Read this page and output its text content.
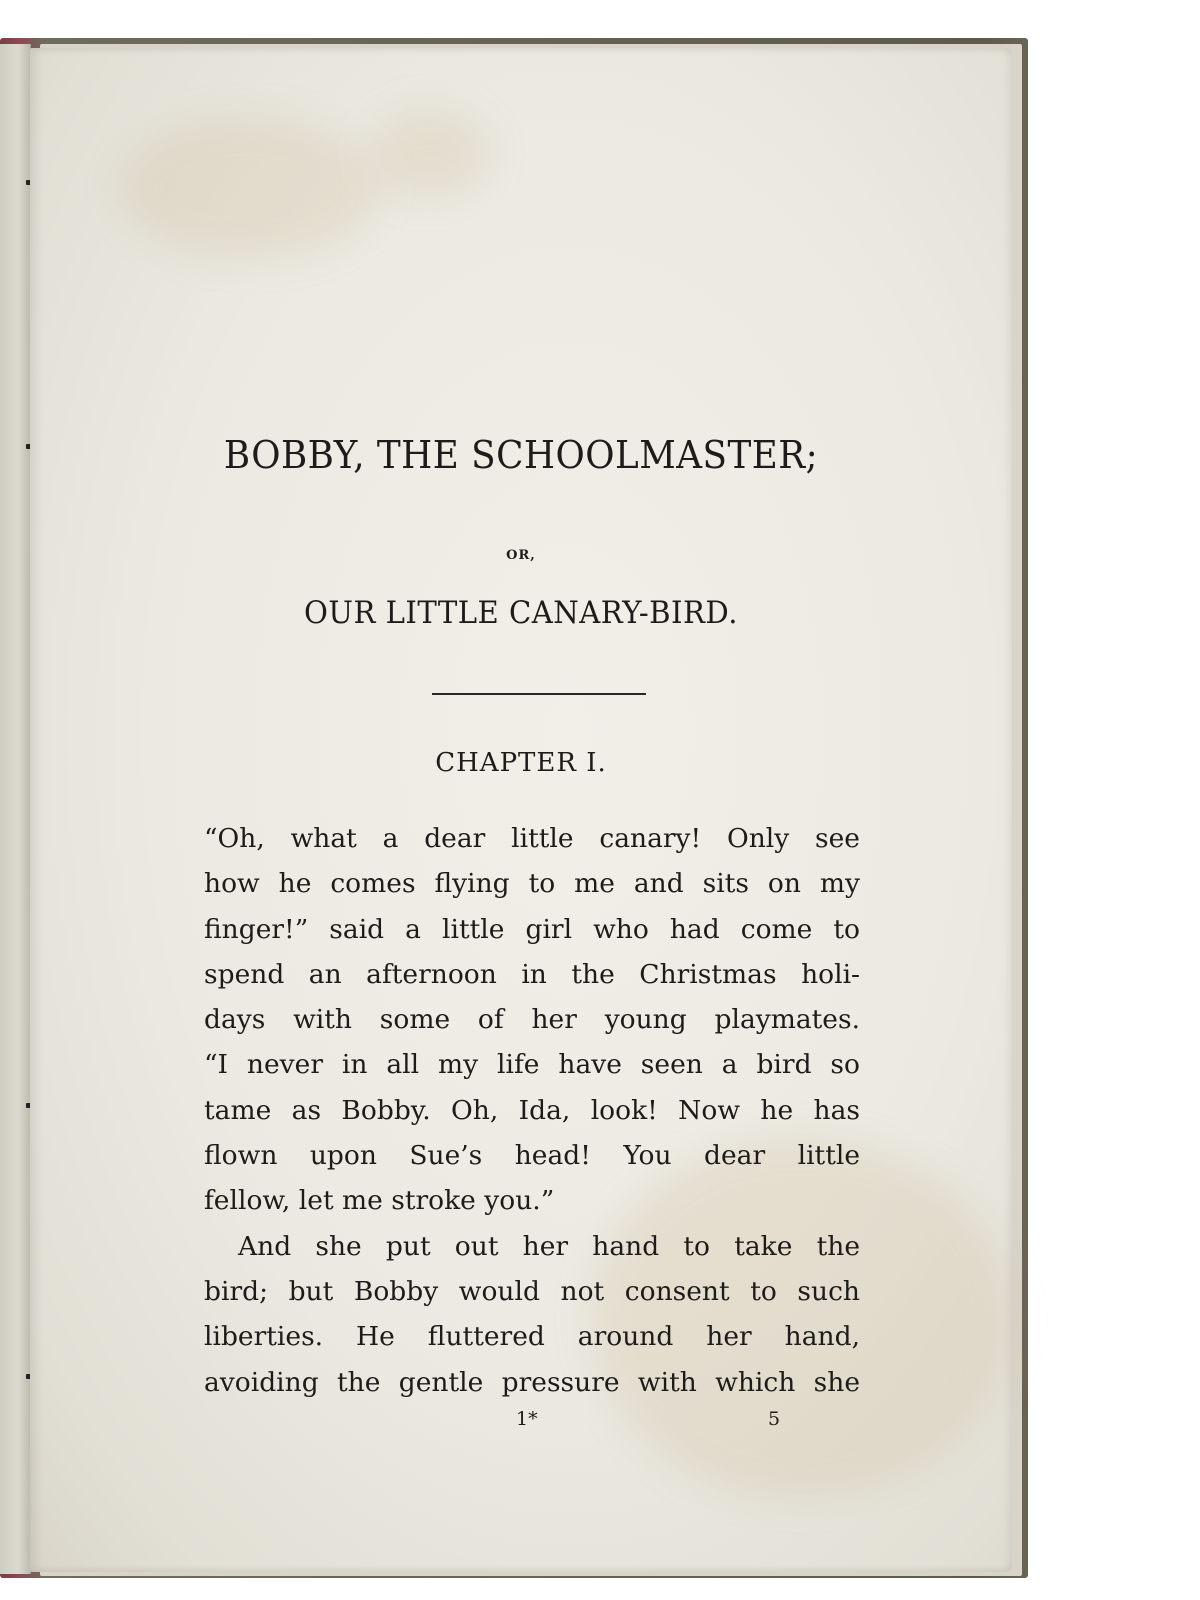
BOBBY, THE SCHOOLMASTER;
OR,
OUR LITTLE CANARY-BIRD.
CHAPTER I.
“Oh, what a dear little canary! Only see
how he comes flying to me and sits on my
finger!” said a little girl who had come to
spend an afternoon in the Christmas holi-
days with some of her young playmates.
“I never in all my life have seen a bird so
tame as Bobby. Oh, Ida, look! Now he has
flown upon Sue’s head! You dear little
fellow, let me stroke you.”
And she put out her hand to take the
bird; but Bobby would not consent to such
liberties. He fluttered around her hand,
avoiding the gentle pressure with which she
1*	5
